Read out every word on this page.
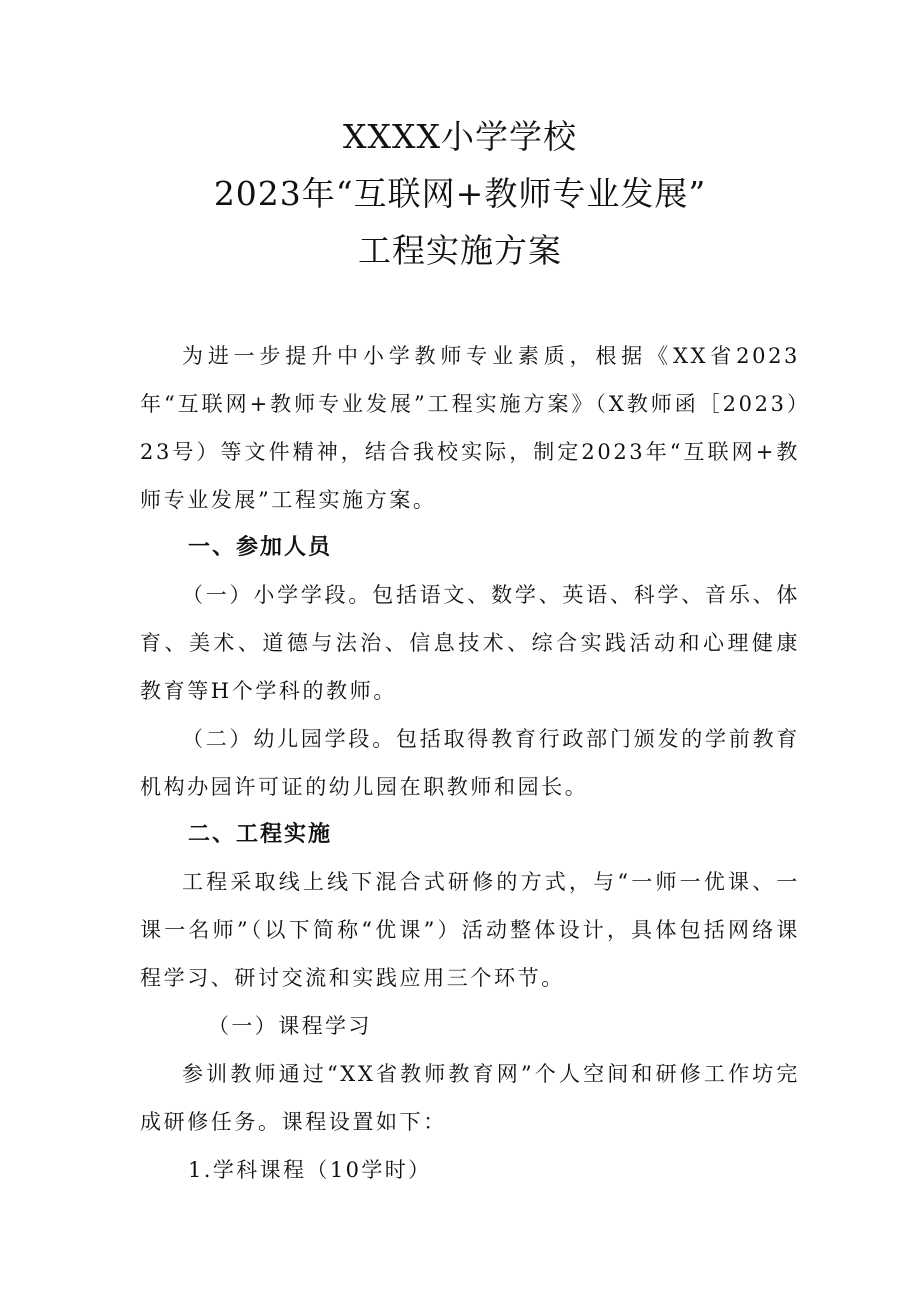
XXXX小学学校
2023年“互联网+教师专业发展”
工程实施方案

为进一步提升中小学教师专业素质，根据《XX省2023年“互联网+教师专业发展”工程实施方案》（X教师函［2023）23号）等文件精神，结合我校实际，制定2023年“互联网+教师专业发展”工程实施方案。

一、参加人员

（一）小学学段。包括语文、数学、英语、科学、音乐、体育、美术、道德与法治、信息技术、综合实践活动和心理健康教育等H个学科的教师。

（二）幼儿园学段。包括取得教育行政部门颁发的学前教育机构办园许可证的幼儿园在职教师和园长。

二、工程实施

工程采取线上线下混合式研修的方式，与“一师一优课、一课一名师”（以下简称“优课”）活动整体设计，具体包括网络课程学习、研讨交流和实践应用三个环节。

（一）课程学习

参训教师通过“XX省教师教育网”个人空间和研修工作坊完成研修任务。课程设置如下：

1.学科课程（10学时）
